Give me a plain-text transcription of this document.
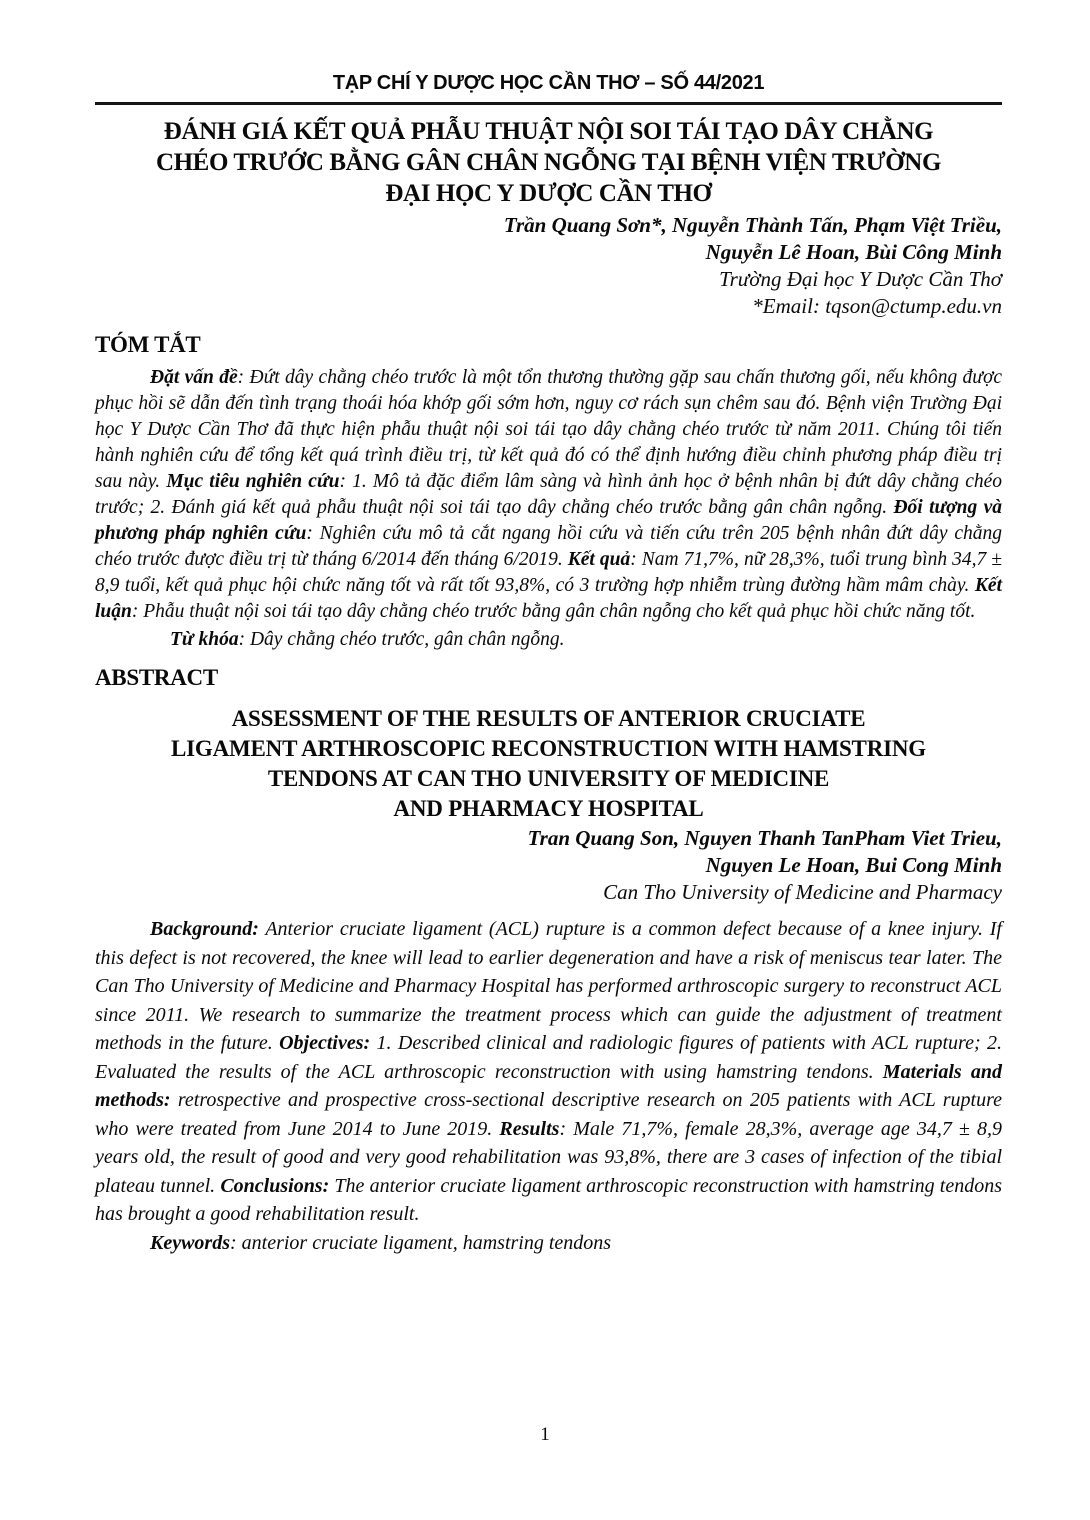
TẠP CHÍ Y DƯỢC HỌC CẦN THƠ – SỐ 44/2021
ĐÁNH GIÁ KẾT QUẢ PHẪU THUẬT NỘI SOI TÁI TẠO DÂY CHẰNG
CHÉO TRƯỚC BẰNG GÂN CHÂN NGỖNG TẠI BỆNH VIỆN TRƯỜNG
ĐẠI HỌC Y DƯỢC CẦN THƠ
Trần Quang Sơn*, Nguyễn Thành Tấn, Phạm Việt Triều,
Nguyễn Lê Hoan, Bùi Công Minh
Trường Đại học Y Dược Cần Thơ
*Email: tqson@ctump.edu.vn
TÓM TẮT

Đặt vấn đề: Đứt dây chằng chéo trước là một tổn thương thường gặp sau chấn thương gối, nếu không được phục hồi sẽ dẫn đến tình trạng thoái hóa khớp gối sớm hơn, nguy cơ rách sụn chêm sau đó. Bệnh viện Trường Đại học Y Dược Cần Thơ đã thực hiện phẫu thuật nội soi tái tạo dây chằng chéo trước từ năm 2011. Chúng tôi tiến hành nghiên cứu để tổng kết quá trình điều trị, từ kết quả đó có thể định hướng điều chỉnh phương pháp điều trị sau này. Mục tiêu nghiên cứu: 1. Mô tả đặc điểm lâm sàng và hình ảnh học ở bệnh nhân bị đứt dây chằng chéo trước; 2. Đánh giá kết quả phẫu thuật nội soi tái tạo dây chằng chéo trước bằng gân chân ngỗng. Đối tượng và phương pháp nghiên cứu: Nghiên cứu mô tả cắt ngang hồi cứu và tiến cứu trên 205 bệnh nhân đứt dây chằng chéo trước được điều trị từ tháng 6/2014 đến tháng 6/2019. Kết quả: Nam 71,7%, nữ 28,3%, tuổi trung bình 34,7 ± 8,9 tuổi, kết quả phục hội chức năng tốt và rất tốt 93,8%, có 3 trường hợp nhiễm trùng đường hầm mâm chày. Kết luận: Phẫu thuật nội soi tái tạo dây chằng chéo trước bằng gân chân ngỗng cho kết quả phục hồi chức năng tốt.

Từ khóa: Dây chằng chéo trước, gân chân ngỗng.

ABSTRACT
ASSESSMENT OF THE RESULTS OF ANTERIOR CRUCIATE
LIGAMENT ARTHROSCOPIC RECONSTRUCTION WITH HAMSTRING
TENDONS AT CAN THO UNIVERSITY OF MEDICINE
AND PHARMACY HOSPITAL
Tran Quang Son, Nguyen Thanh TanPham Viet Trieu,
Nguyen Le Hoan, Bui Cong Minh
Can Tho University of Medicine and Pharmacy

Background: Anterior cruciate ligament (ACL) rupture is a common defect because of a knee injury. If this defect is not recovered, the knee will lead to earlier degeneration and have a risk of meniscus tear later. The Can Tho University of Medicine and Pharmacy Hospital has performed arthroscopic surgery to reconstruct ACL since 2011. We research to summarize the treatment process which can guide the adjustment of treatment methods in the future. Objectives: 1. Described clinical and radiologic figures of patients with ACL rupture; 2. Evaluated the results of the ACL arthroscopic reconstruction with using hamstring tendons. Materials and methods: retrospective and prospective cross-sectional descriptive research on 205 patients with ACL rupture who were treated from June 2014 to June 2019. Results: Male 71,7%, female 28,3%, average age 34,7 ± 8,9 years old, the result of good and very good rehabilitation was 93,8%, there are 3 cases of infection of the tibial plateau tunnel. Conclusions: The anterior cruciate ligament arthroscopic reconstruction with hamstring tendons has brought a good rehabilitation result.

Keywords: anterior cruciate ligament, hamstring tendons

1
